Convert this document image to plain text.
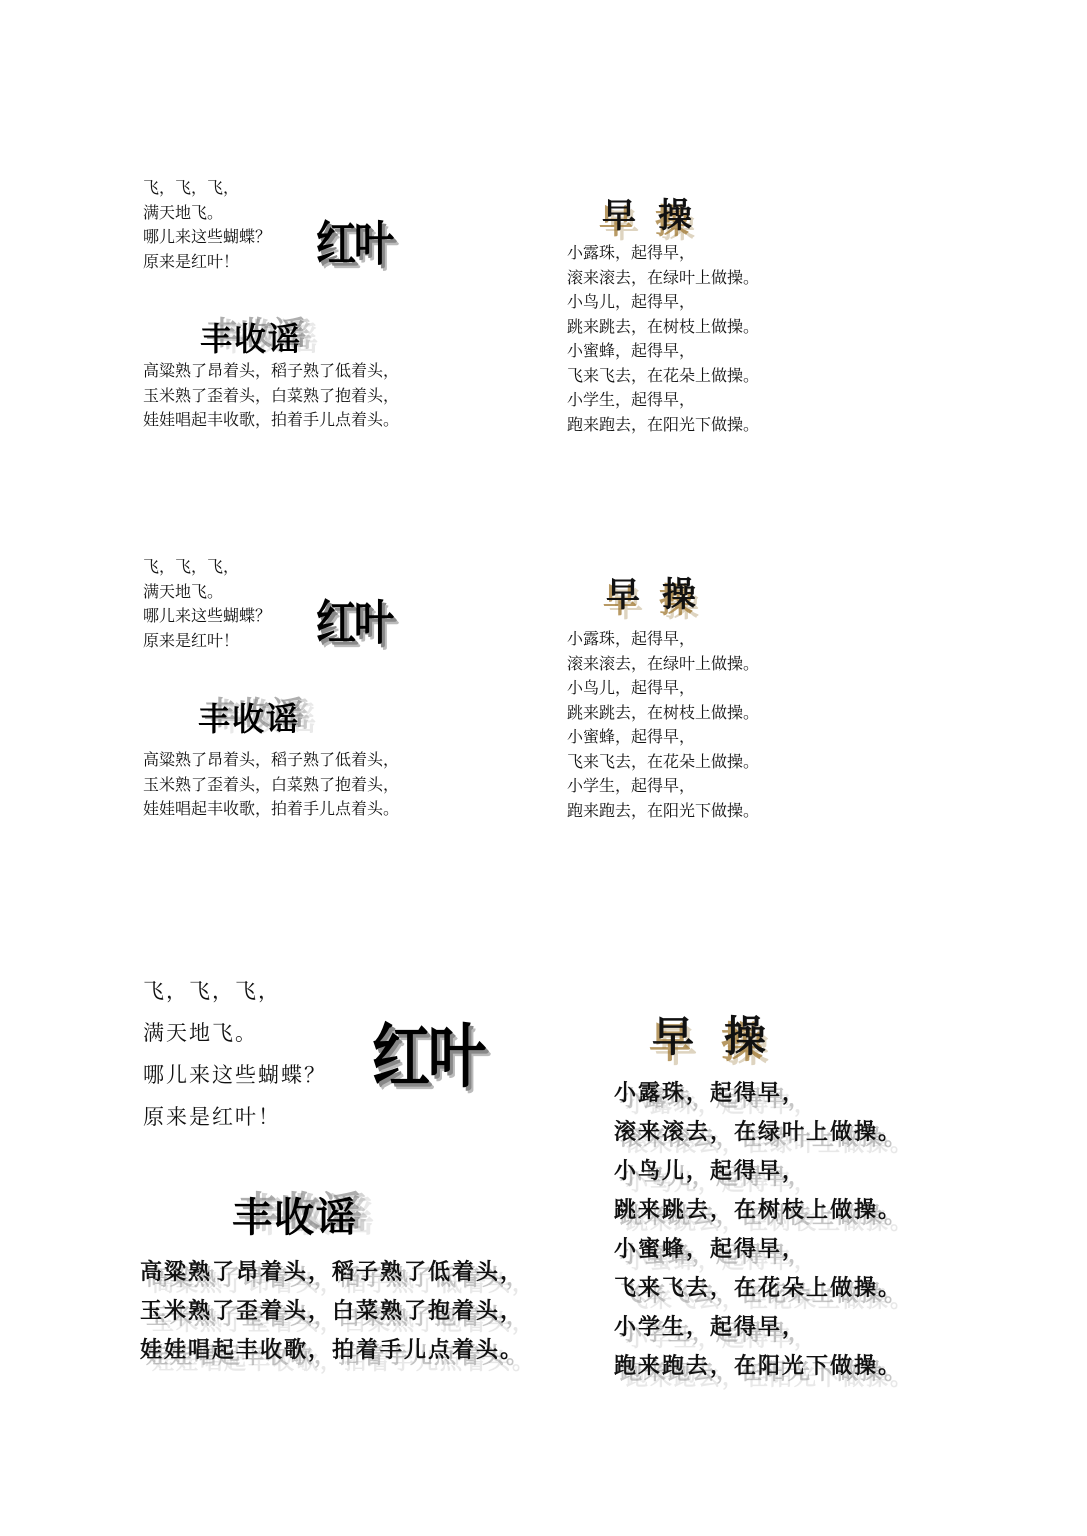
飞，飞，飞，
满天地飞。
哪儿来这些蝴蝶？
原来是红叶！	红叶
丰收谣
高粱熟了昂着头，稻子熟了低着头，
玉米熟了歪着头，白菜熟了抱着头，
娃娃唱起丰收歌，拍着手儿点着头。
早操
小露珠，起得早，
滚来滚去，在绿叶上做操。
小鸟儿，起得早，
跳来跳去，在树枝上做操。
小蜜蜂，起得早，
飞来飞去，在花朵上做操。
小学生，起得早，
跑来跑去，在阳光下做操。
飞，飞，飞，
满天地飞。
哪儿来这些蝴蝶？
原来是红叶！	红叶
丰收谣
高粱熟了昂着头，稻子熟了低着头，
玉米熟了歪着头，白菜熟了抱着头，
娃娃唱起丰收歌，拍着手儿点着头。
早操
小露珠，起得早，
滚来滚去，在绿叶上做操。
小鸟儿，起得早，
跳来跳去，在树枝上做操。
小蜜蜂，起得早，
飞来飞去，在花朵上做操。
小学生，起得早，
跑来跑去，在阳光下做操。
飞，飞，飞，
满天地飞。
哪儿来这些蝴蝶？
原来是红叶！
红叶
丰收谣
高粱熟了昂着头，稻子熟了低着头，
玉米熟了歪着头，白菜熟了抱着头，
娃娃唱起丰收歌，拍着手儿点着头。
早操
小露珠，起得早，
滚来滚去，在绿叶上做操。
小鸟儿，起得早，
跳来跳去，在树枝上做操。
小蜜蜂，起得早，
飞来飞去，在花朵上做操。
小学生，起得早，
跑来跑去，在阳光下做操。
